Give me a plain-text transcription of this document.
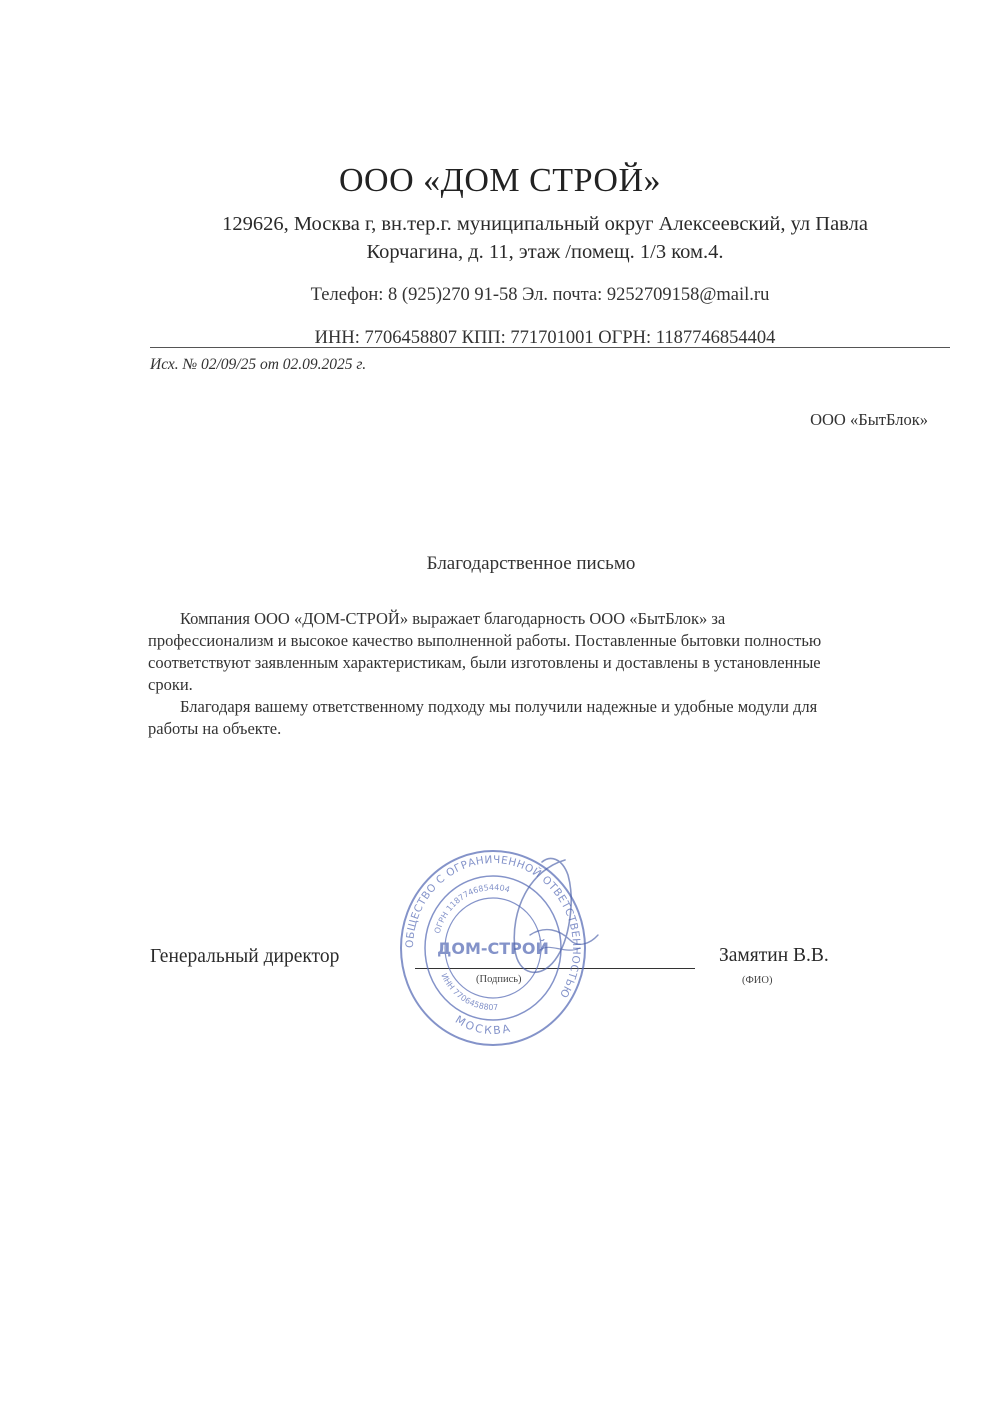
ООО «ДОМ СТРОЙ»
129626, Москва г, вн.тер.г. муниципальный округ Алексеевский, ул Павла
Корчагина, д. 11, этаж /помещ. 1/3 ком.4.
Телефон: 8 (925)270 91-58 Эл. почта: 9252709158@mail.ru
ИНН: 7706458807 КПП: 771701001 ОГРН: 1187746854404
Исх. № 02/09/25 от 02.09.2025 г.
ООО «БытБлок»
Благодарственное письмо

Компания ООО «ДОМ-СТРОЙ» выражает благодарность ООО «БытБлок» за
профессионализм и высокое качество выполненной работы. Поставленные бытовки полностью
соответствуют заявленным характеристикам, были изготовлены и доставлены в установленные
сроки.

Благодаря вашему ответственному подходу мы получили надежные и удобные модули для
работы на объекте.

Генеральный директор
(Подпись)
Замятин В.В.
(ФИО)
ОБЩЕСТВО С ОГРАНИЧЕННОЙ ОТВЕТСТВЕННОСТЬЮ
ОГРН 1187746854404
ДОМ-СТРОЙ
ИНН 7706458807
МОСКВА
